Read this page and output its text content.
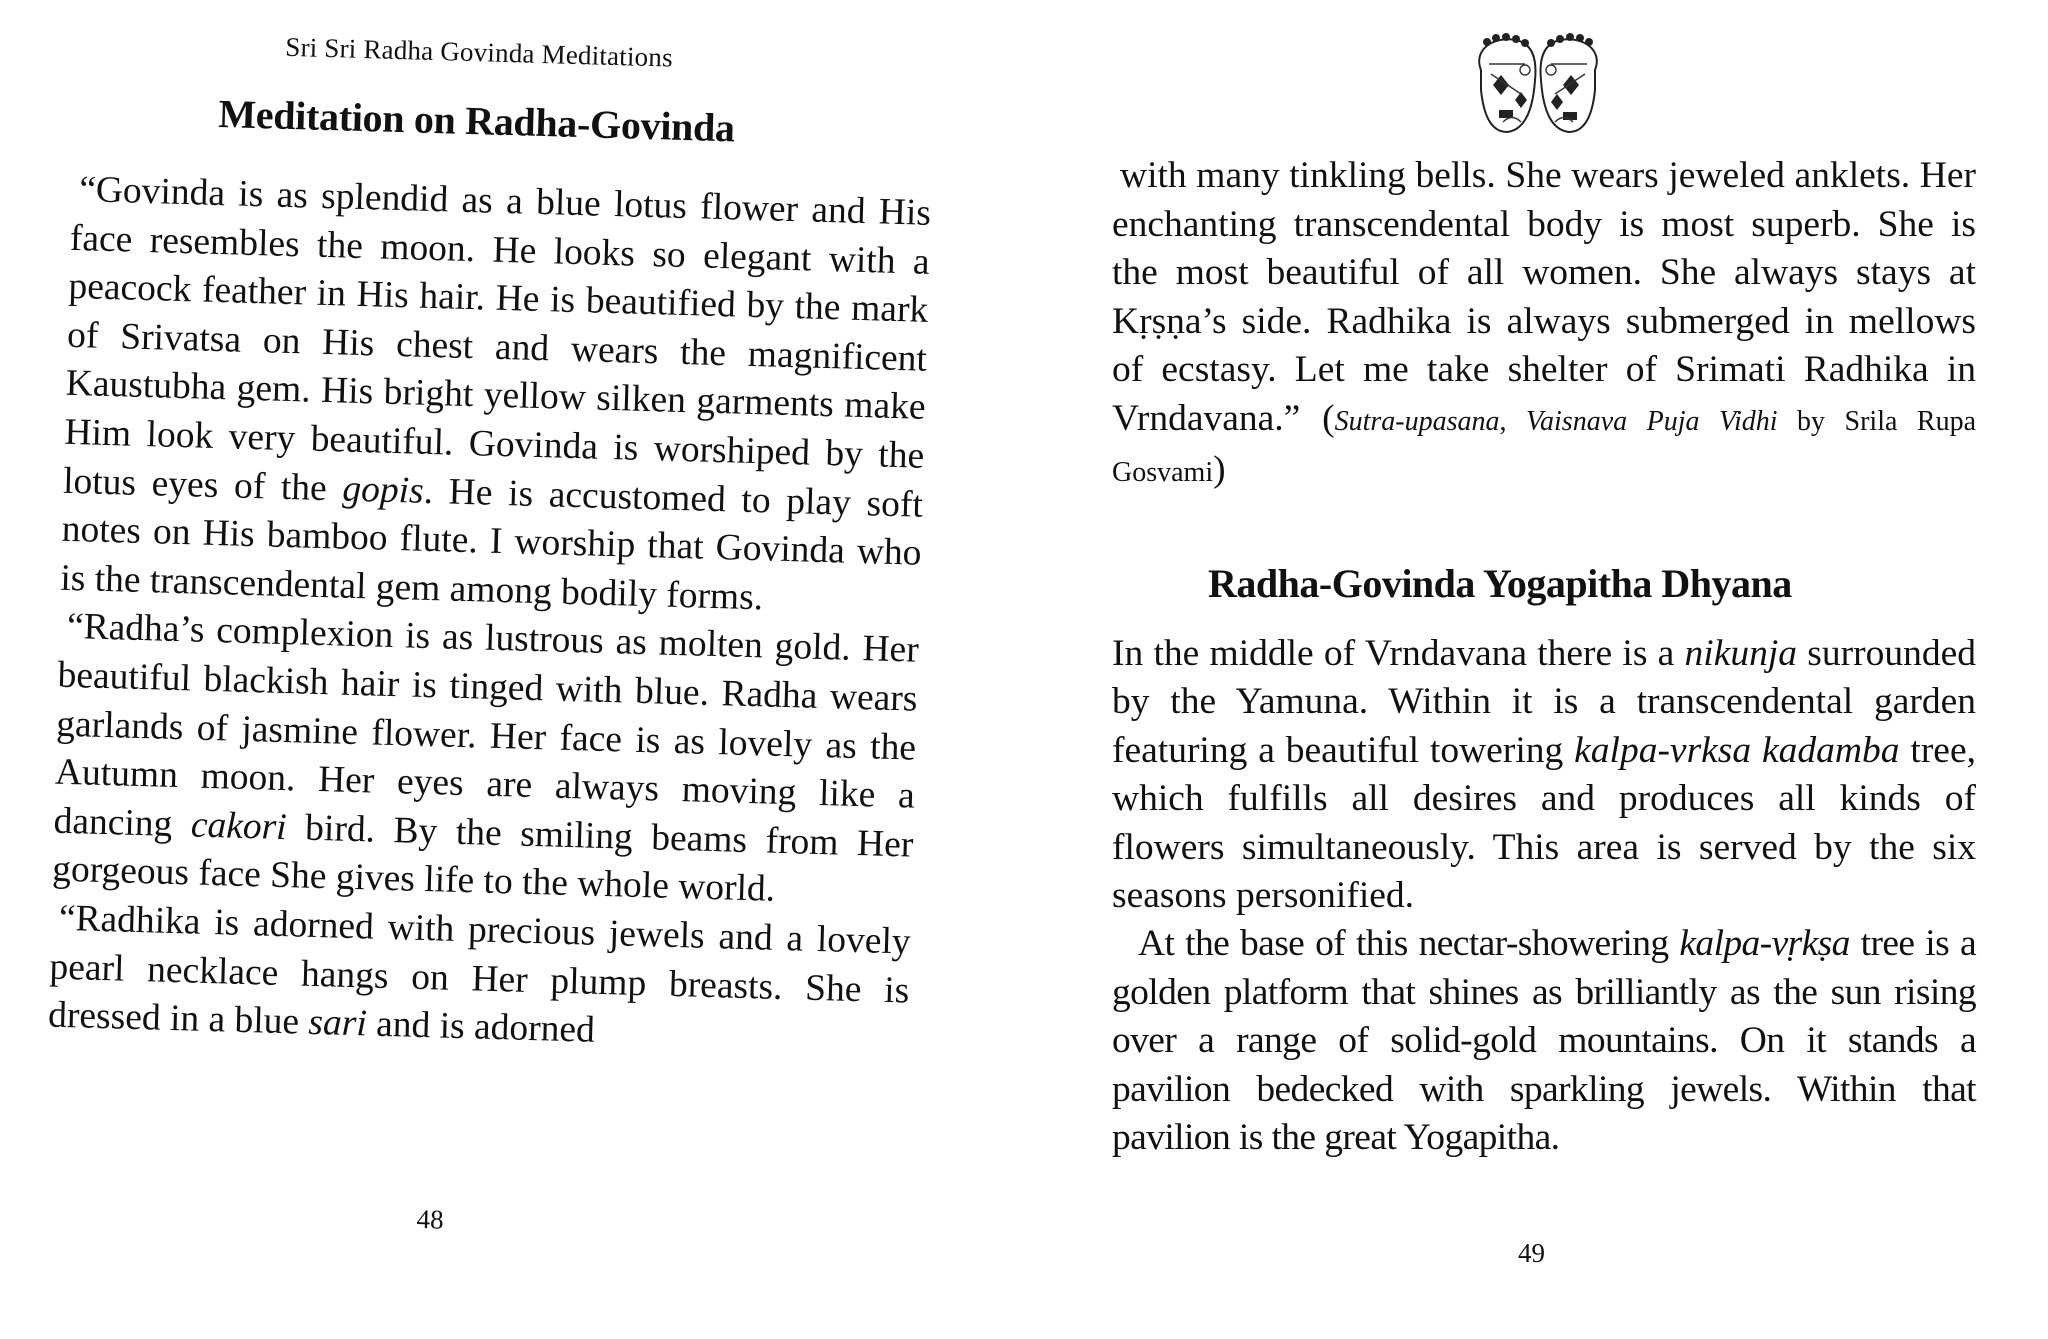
Sri Sri Radha Govinda Meditations
Meditation on Radha-Govinda

“Govinda is as splendid as a blue lotus flower and His face resembles the moon. He looks so elegant with a peacock feather in His hair. He is beautified by the mark of Srivatsa on His chest and wears the magnificent Kaustubha gem. His bright yellow silken garments make Him look very beautiful. Govinda is worshiped by the lotus eyes of the gopis. He is accustomed to play soft notes on His bamboo flute. I worship that Govinda who is the transcendental gem among bodily forms.

“Radha’s complexion is as lustrous as molten gold. Her beautiful blackish hair is tinged with blue. Radha wears garlands of jasmine flower. Her face is as lovely as the Autumn moon. Her eyes are always moving like a dancing cakori bird. By the smiling beams from Her gorgeous face She gives life to the whole world.

“Radhika is adorned with precious jewels and a lovely pearl necklace hangs on Her plump breasts. She is dressed in a blue sari and is adorned

48

with many tinkling bells. She wears jeweled anklets. Her enchanting transcendental body is most superb. She is the most beautiful of all women. She always stays at Kṛṣṇa’s side. Radhika is always submerged in mellows of ecstasy. Let me take shelter of Srimati Radhika in Vrndavana.” (Sutra-upasana, Vaisnava Puja Vidhi by Srila Rupa Gosvami)

Radha-Govinda Yogapitha Dhyana

In the middle of Vrndavana there is a nikunja surrounded by the Yamuna. Within it is a transcendental garden featuring a beautiful towering kalpa-vrksa kadamba tree, which fulfills all desires and produces all kinds of flowers simultaneously. This area is served by the six seasons personified.

At the base of this nectar-showering kalpa-vṛkṣa tree is a golden platform that shines as brilliantly as the sun rising over a range of solid-gold mountains. On it stands a pavilion bedecked with sparkling jewels. Within that pavilion is the great Yogapitha.

49
